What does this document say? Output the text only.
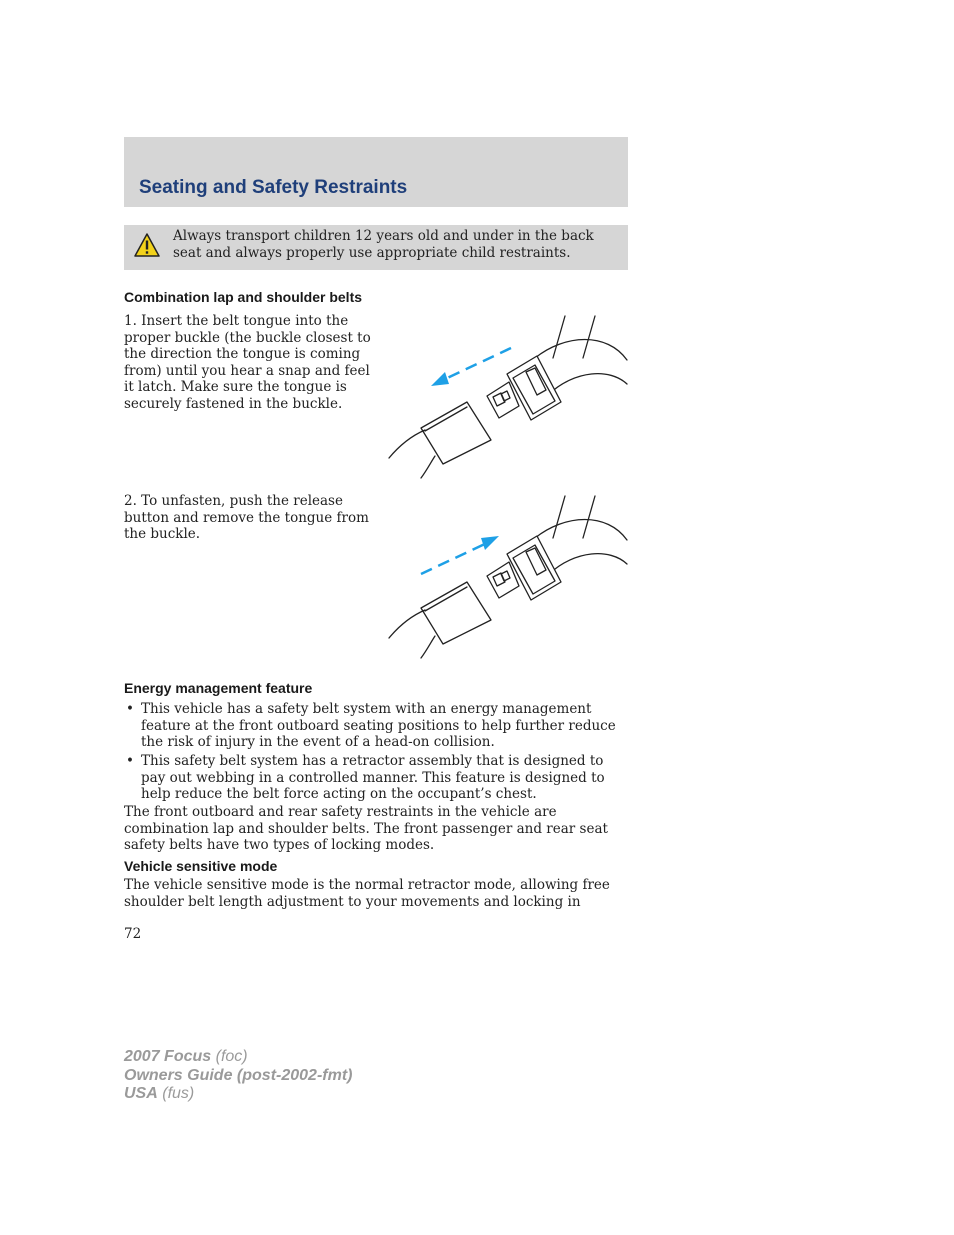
Seating and Safety Restraints
Always transport children 12 years old and under in the back
seat and always properly use appropriate child restraints.
Combination lap and shoulder belts
1. Insert the belt tongue into the
proper buckle (the buckle closest to
the direction the tongue is coming
from) until you hear a snap and feel
it latch. Make sure the tongue is
securely fastened in the buckle.
2. To unfasten, push the release
button and remove the tongue from
the buckle.
Energy management feature
• This vehicle has a safety belt system with an energy management
feature at the front outboard seating positions to help further reduce
the risk of injury in the event of a head-on collision.
• This safety belt system has a retractor assembly that is designed to
pay out webbing in a controlled manner. This feature is designed to
help reduce the belt force acting on the occupant’s chest.
The front outboard and rear safety restraints in the vehicle are
combination lap and shoulder belts. The front passenger and rear seat
safety belts have two types of locking modes.
Vehicle sensitive mode
The vehicle sensitive mode is the normal retractor mode, allowing free
shoulder belt length adjustment to your movements and locking in
72
2007 Focus (foc)
Owners Guide (post-2002-fmt)
USA (fus)
